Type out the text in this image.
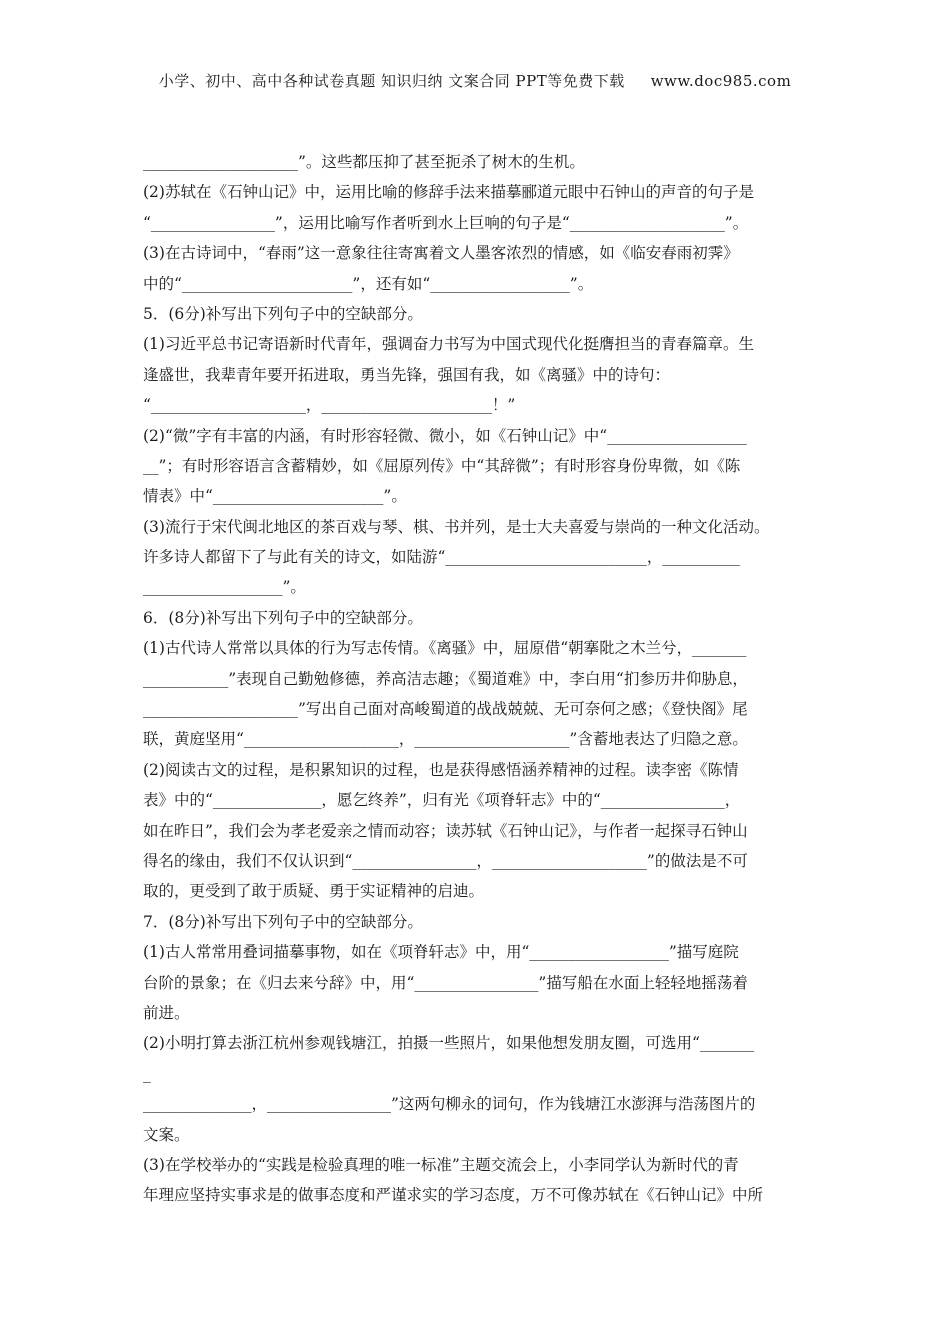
小学、初中、高中各种试卷真题 知识归纳 文案合同 PPT等免费下载 www.doc985.com
____________________”。这些都压抑了甚至扼杀了树木的生机。
(2)苏轼在《石钟山记》中，运用比喻的修辞手法来描摹郦道元眼中石钟山的声音的句子是
“________________”，运用比喻写作者听到水上巨响的句子是“____________________”。
(3)在古诗词中，“春雨”这一意象往往寄寓着文人墨客浓烈的情感，如《临安春雨初霁》
中的“______________________”，还有如“__________________”。
5．(6分)补写出下列句子中的空缺部分。
(1)习近平总书记寄语新时代青年，强调奋力书写为中国式现代化挺膺担当的青春篇章。生
逢盛世，我辈青年要开拓进取，勇当先锋，强国有我，如《离骚》中的诗句：
“____________________，______________________！”
(2)“微”字有丰富的内涵，有时形容轻微、微小，如《石钟山记》中“__________________
__”；有时形容语言含蓄精妙，如《屈原列传》中“其辞微”；有时形容身份卑微，如《陈
情表》中“______________________”。
(3)流行于宋代闽北地区的茶百戏与琴、棋、书并列，是士大夫喜爱与崇尚的一种文化活动。
许多诗人都留下了与此有关的诗文，如陆游“__________________________，__________
__________________”。
6．(8分)补写出下列句子中的空缺部分。
(1)古代诗人常常以具体的行为写志传情。《离骚》中，屈原借“朝搴阰之木兰兮，_______
___________”表现自己勤勉修德，养高洁志趣；《蜀道难》中，李白用“扪参历井仰胁息，
____________________”写出自己面对高峻蜀道的战战兢兢、无可奈何之感；《登快阁》尾
联，黄庭坚用“____________________，____________________”含蓄地表达了归隐之意。
(2)阅读古文的过程，是积累知识的过程，也是获得感悟涵养精神的过程。读李密《陈情
表》中的“______________，愿乞终养”，归有光《项脊轩志》中的“________________，
如在昨日”，我们会为孝老爱亲之情而动容；读苏轼《石钟山记》，与作者一起探寻石钟山
得名的缘由，我们不仅认识到“________________，____________________”的做法是不可
取的，更受到了敢于质疑、勇于实证精神的启迪。
7．(8分)补写出下列句子中的空缺部分。
(1)古人常常用叠词描摹事物，如在《项脊轩志》中，用“__________________”描写庭院
台阶的景象；在《归去来兮辞》中，用“________________”描写船在水面上轻轻地摇荡着
前进。
(2)小明打算去浙江杭州参观钱塘江，拍摄一些照片，如果他想发朋友圈，可选用“_______
_
______________，________________”这两句柳永的词句，作为钱塘江水澎湃与浩荡图片的
文案。
(3)在学校举办的“实践是检验真理的唯一标准”主题交流会上，小李同学认为新时代的青
年理应坚持实事求是的做事态度和严谨求实的学习态度，万不可像苏轼在《石钟山记》中所
